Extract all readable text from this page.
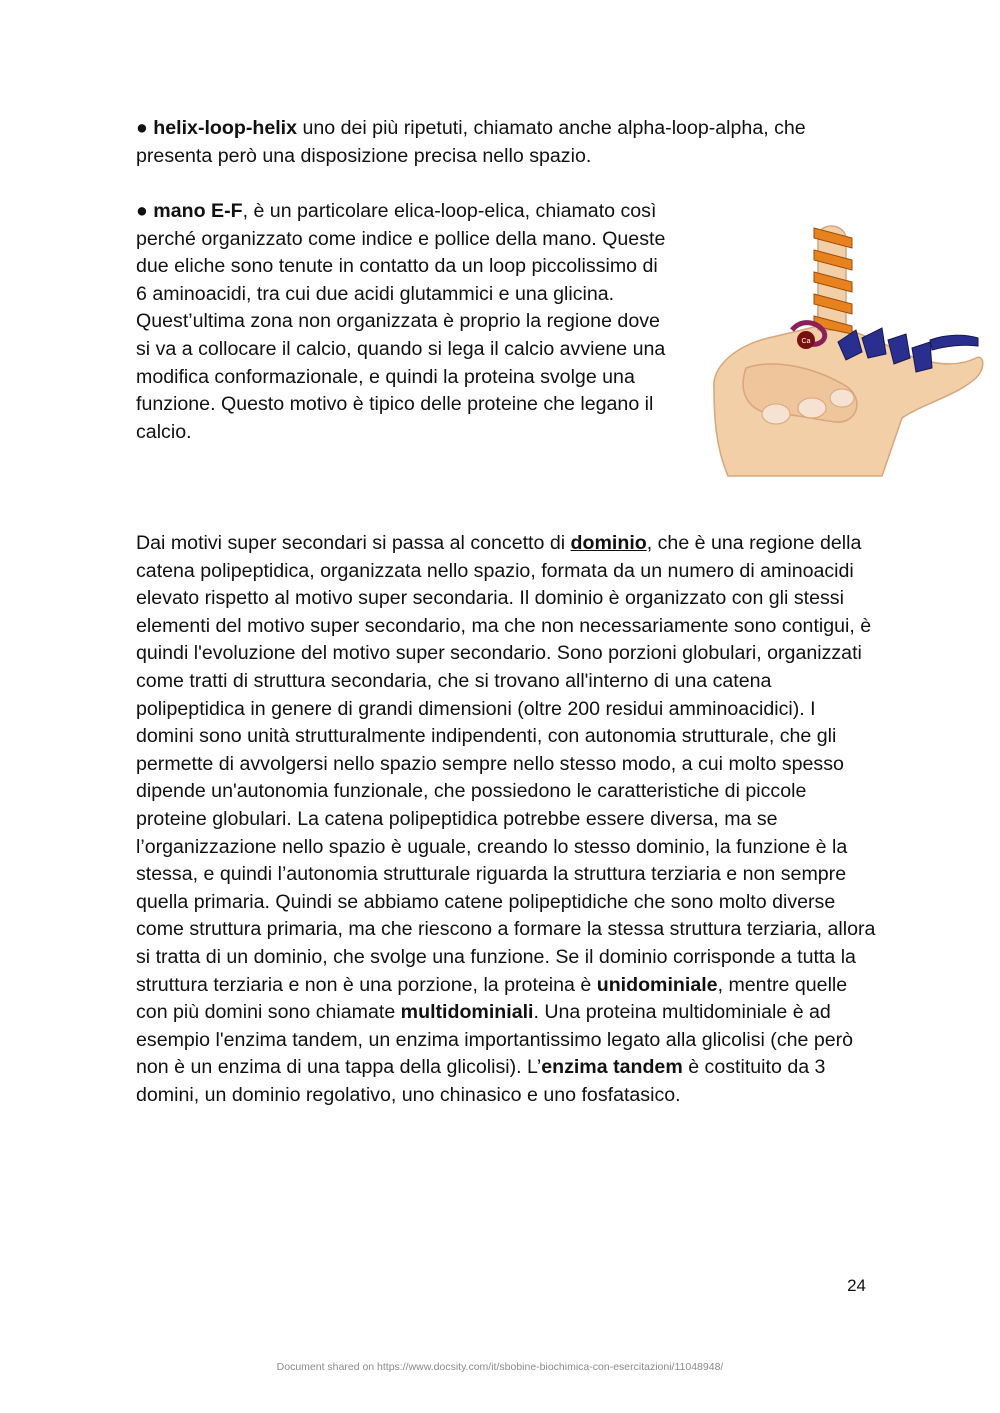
● helix-loop-helix uno dei più ripetuti, chiamato anche alpha-loop-alpha, che presenta però una disposizione precisa nello spazio.

● mano E-F, è un particolare elica-loop-elica, chiamato così perché organizzato come indice e pollice della mano. Queste due eliche sono tenute in contatto da un loop piccolissimo di 6 aminoacidi, tra cui due acidi glutammici e una glicina. Quest’ultima zona non organizzata è proprio la regione dove si va a collocare il calcio, quando si lega il calcio avviene una modifica conformazionale, e quindi la proteina svolge una funzione. Questo motivo è tipico delle proteine che legano il calcio.

Ca

Dai motivi super secondari si passa al concetto di dominio, che è una regione della catena polipeptidica, organizzata nello spazio, formata da un numero di aminoacidi elevato rispetto al motivo super secondaria. Il dominio è organizzato con gli stessi elementi del motivo super secondario, ma che non necessariamente sono contigui, è quindi l'evoluzione del motivo super secondario. Sono porzioni globulari, organizzati come tratti di struttura secondaria, che si trovano all'interno di una catena polipeptidica in genere di grandi dimensioni (oltre 200 residui amminoacidici). I domini sono unità strutturalmente indipendenti, con autonomia strutturale, che gli permette di avvolgersi nello spazio sempre nello stesso modo, a cui molto spesso dipende un'autonomia funzionale, che possiedono le caratteristiche di piccole proteine globulari. La catena polipeptidica potrebbe essere diversa, ma se l’organizzazione nello spazio è uguale, creando lo stesso dominio, la funzione è la stessa, e quindi l’autonomia strutturale riguarda la struttura terziaria e non sempre quella primaria. Quindi se abbiamo catene polipeptidiche che sono molto diverse come struttura primaria, ma che riescono a formare la stessa struttura terziaria, allora si tratta di un dominio, che svolge una funzione. Se il dominio corrisponde a tutta la struttura terziaria e non è una porzione, la proteina è unidominiale, mentre quelle con più domini sono chiamate multidominiali. Una proteina multidominiale è ad esempio l'enzima tandem, un enzima importantissimo legato alla glicolisi (che però non è un enzima di una tappa della glicolisi). L’enzima tandem è costituito da 3 domini, un dominio regolativo, uno chinasico e uno fosfatasico.

24
Document shared on https://www.docsity.com/it/sbobine-biochimica-con-esercitazioni/11048948/
